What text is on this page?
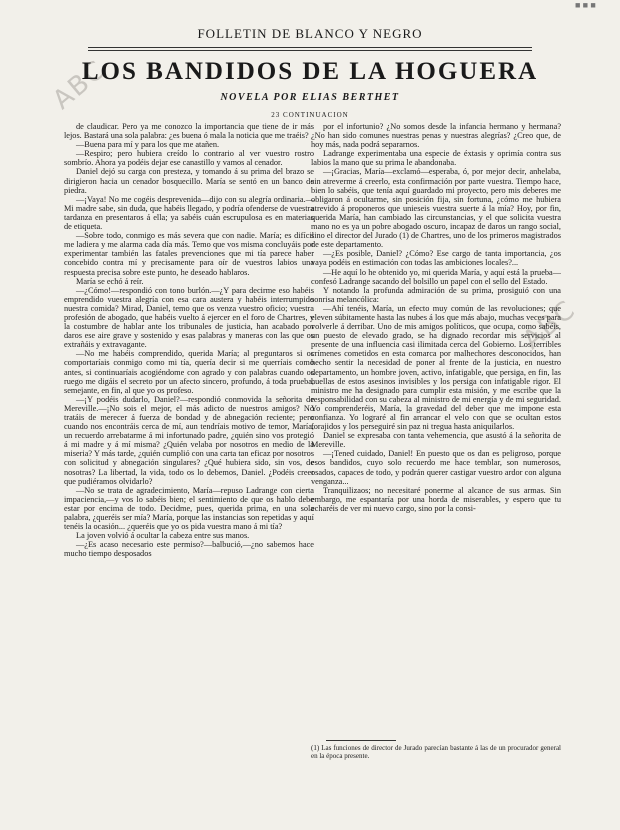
ABC
ABC
■ ■ ■
FOLLETIN DE BLANCO Y NEGRO
LOS BANDIDOS DE LA HOGUERA
NOVELA POR ELIAS BERTHET
23 CONTINUACION

de claudicar. Pero ya me conozco la importancia que tiene de ir más lejos. Bastará una sola palabra: ¿es buena ó mala la noticia que me traéis?

—Buena para mí y para los que me atañen.

—Respiro; pero hubiera creído lo contrario al ver vuestro rostro sombrío. Ahora ya podéis dejar ese canastillo y vamos al cenador.

Daniel dejó su carga con presteza, y tomando á su prima del brazo se dirigieron hacia un cenador bosquecillo. María se sentó en un banco de piedra.

—¡Vaya! No me cogéis desprevenida—dijo con su alegría ordinaria.—Mi madre sabe, sin duda, que habéis llegado, y podría ofenderse de vuestra tardanza en presentaros á ella; ya sabéis cuán escrupulosa es en materias de etiqueta.

—Sobre todo, conmigo es más severa que con nadie. María; es difícil me ladiera y me alarma cada día más. Temo que vos misma concluyáis por experimentar también las fatales prevenciones que mi tía parece haber concebido contra mí y precisamente para oír de vuestros labios una respuesta precisa sobre este punto, he deseado hablaros.

María se echó á reír.

—¿Cómo!—respondió con tono burlón.—¿Y para decirme eso habéis emprendido vuestra alegría con esa cara austera y habéis interrumpido nuestra comida? Mirad, Daniel, temo que os venza vuestro oficio; vuestra profesión de abogado, que habéis vuelto á ejercer en el foro de Chartres, y la costumbre de hablar ante los tribunales de justicia, han acabado por daros ese aire grave y sostenido y esas palabras y maneras con las que os extrañáis y extravagante.

—No me habéis comprendido, querida María; al preguntaros si os comportaríais conmigo como mi tía, quería decir si me querríais como antes, si continuaríais acogiéndome con agrado y con palabras cuando os ruego me digáis el secreto por un afecto sincero, profundo, á toda prueba, semejante, en fin, al que yo os profeso.

—¡Y podéis dudarlo, Daniel?—respondió conmovida la señorita de Mereville.—¡No sois el mejor, el más adicto de nuestros amigos? No tratáis de merecer á fuerza de bondad y de abnegación reciente; pero cuando nos encontráis cerca de mí, aun tendríais motivo de temor, María, un recuerdo arrebatarme á mi infortunado padre, ¿quién sino vos protegió á mi madre y á mí misma? ¿Quién velaba por nosotros en medio de la miseria? Y más tarde, ¿quién cumplió con una carta tan eficaz por nosotros con solicitud y abnegación singulares? ¿Qué hubiera sido, sin vos, de nosotras? La libertad, la vida, todo os lo debemos, Daniel. ¿Podéis creer que pudiéramos olvidarlo?

—No se trata de agradecimiento, María—repuso Ladrange con cierta impaciencia,—y vos lo sabéis bien; el sentimiento de que os hablo debe estar por encima de todo. Decidme, pues, querida prima, en una sola palabra, ¿queréis ser mía? María, porque las instancias son repetidas y aquí tenéis la ocasión... ¿queréis que yo os pida vuestra mano á mi tía?

La joven volvió á ocultar la cabeza entre sus manos.

—¿Es acaso necesario este permiso?—balbució,—¿no sabemos hace mucho tiempo desposados

por el infortunio? ¿No somos desde la infancia hermano y hermana? ¿No han sido comunes nuestras penas y nuestras alegrías? ¿Creo que, de hoy más, nada podrá separarnos.

Ladrange experimentaba una especie de éxtasis y oprimía contra sus labios la mano que su prima le abandonaba.

—¡Gracias, María—exclamó—esperaba, ó, por mejor decir, anhelaba, sin atreverme á creerlo, esta confirmación por parte vuestra. Tiempo hace, bien lo sabéis, que tenía aquí guardado mi proyecto, pero mis deberes me obligaron á ocultarme, sin posición fija, sin fortuna, ¿cómo me hubiera atrevido á proponeros que unieseis vuestra suerte á la mía? Hoy, por fin, querida María, han cambiado las circunstancias, y el que solicita vuestra mano no es ya un pobre abogado oscuro, incapaz de daros un rango social, sino el director del Jurado (1) de Chartres, uno de los primeros magistrados de este departamento.

—¿Es posible, Daniel? ¿Cómo? Ese cargo de tanta importancia, ¿os vaya podéis en estimación con todas las ambiciones locales?...

—He aquí lo he obtenido yo, mi querida María, y aquí está la prueba—confesó Ladrange sacando del bolsillo un papel con el sello del Estado.

Y notando la profunda admiración de su prima, prosiguió con una sonrisa melancólica:

—Ahí tenéis, María, un efecto muy común de las revoluciones; que eleven súbitamente hasta las nubes á los que más abajo, muchas veces para volverle á derribar. Uno de mis amigos políticos, que ocupa, como sabéis, un puesto de elevado grado, se ha dignado recordar mis servicios al presente de una influencia casi ilimitada cerca del Gobierno. Los terribles crímenes cometidos en esta comarca por malhechores desconocidos, han hecho sentir la necesidad de poner al frente de la justicia, en nuestro departamento, un hombre joven, activo, infatigable, que persiga, en fin, las huellas de estos asesinos invisibles y los persiga con infatigable rigor. El ministro me ha designado para cumplir esta misión, y me escribe que la responsabilidad con su cabeza al ministro de mi energía y de mi seguridad. Yo comprenderéis, María, la gravedad del deber que me impone esta confianza. Yo lograré al fin arrancar el velo con que se ocultan estos forajidos y los perseguiré sin paz ni tregua hasta aniquilarlos.

Daniel se expresaba con tanta vehemencia, que asustó á la señorita de Mereville.

—¡Tened cuidado, Daniel! En puesto que os dan es peligroso, porque esos bandidos, cuyo solo recuerdo me hace temblar, son numerosos, osados, capaces de todo, y podrán querer castigar vuestro ardor con alguna venganza...

Tranquilizaos; no necesitaré ponerme al alcance de sus armas. Sin embargo, me espantaría por una horda de miserables, y espero que tu echaréis de ver mi nuevo cargo, sino por la consi-

(1) Las funciones de director de Jurado parecían bastante á las de un procurador general en la época presente.
